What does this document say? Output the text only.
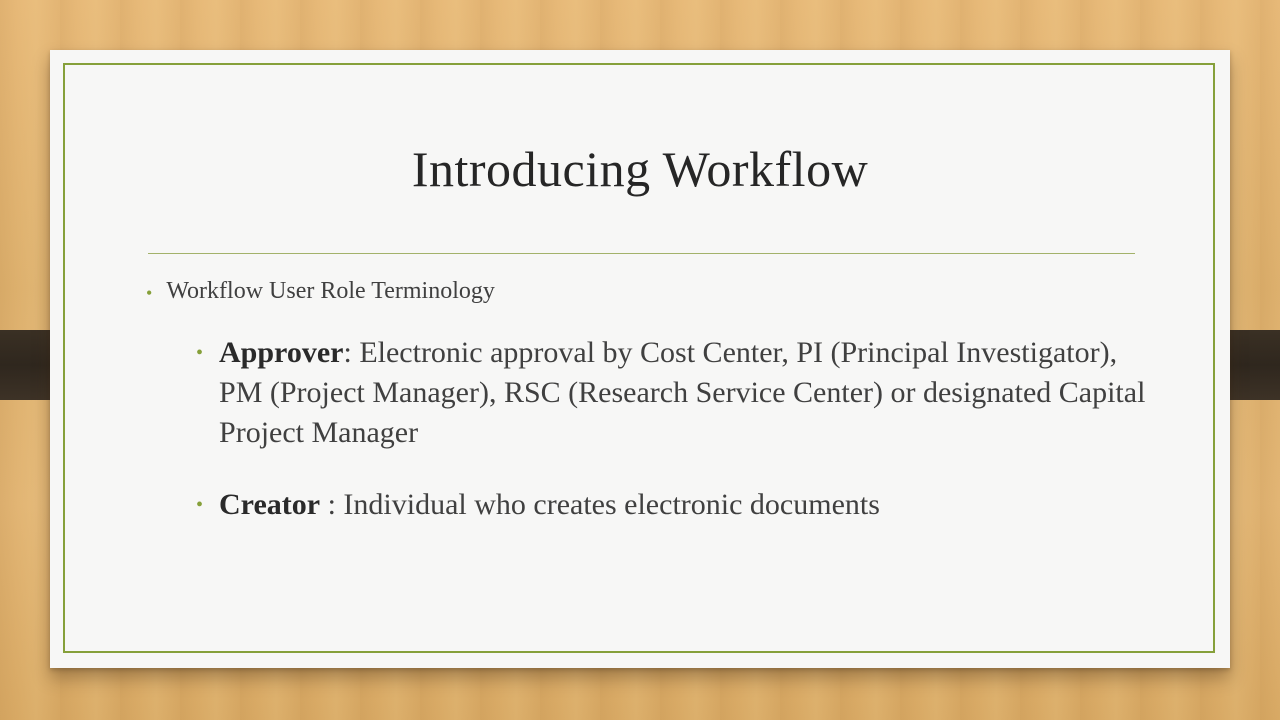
Introducing Workflow
• Workflow User Role Terminology
• Approver: Electronic approval by Cost Center, PI (Principal Investigator), PM (Project Manager), RSC (Research Service Center) or designated Capital Project Manager
• Creator : Individual who creates electronic documents
